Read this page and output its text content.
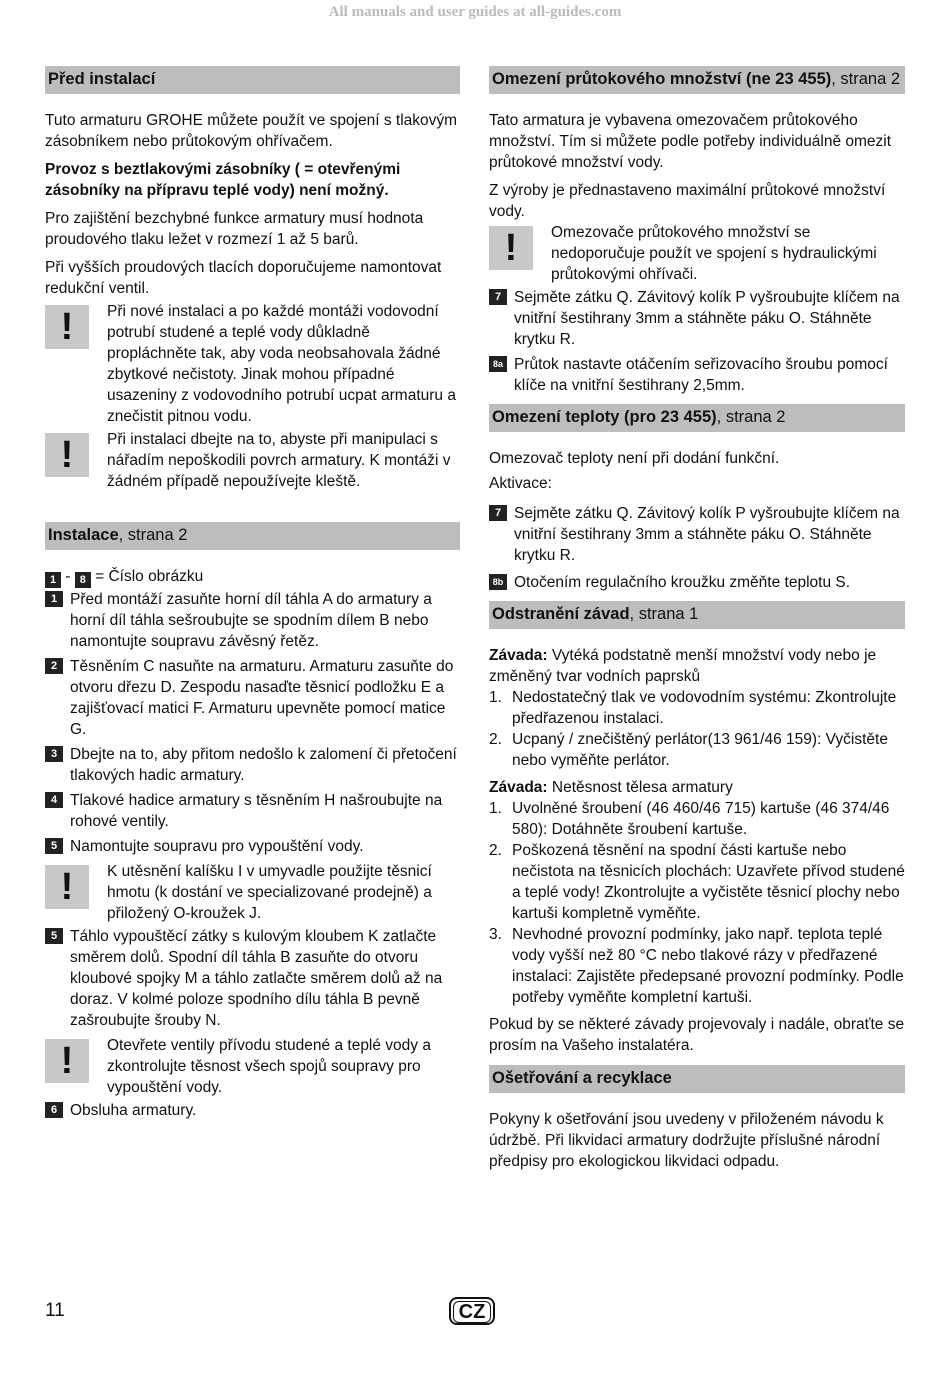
All manuals and user guides at all-guides.com
Před instalací

Tuto armaturu GROHE můžete použít ve spojení s tlakovým zásobníkem nebo průtokovým ohřívačem.

Provoz s beztlakovými zásobníky ( = otevřenými zásobníky na přípravu teplé vody) není možný.

Pro zajištění bezchybné funkce armatury musí hodnota proudového tlaku ležet v rozmezí 1 až 5 barů.

Při vyšších proudových tlacích doporučujeme namontovat redukční ventil.

!	Při nové instalaci a po každé montáži vodovodní potrubí studené a teplé vody důkladně propláchněte tak, aby voda neobsahovala žádné zbytkové nečistoty. Jinak mohou případné usazeniny z vodovodního potrubí ucpat armaturu a znečistit pitnou vodu.
!	Při instalaci dbejte na to, abyste při manipulaci s nářadím nepoškodili povrch armatury. K montáži v žádném případě nepoužívejte kleště.
Instalace, strana 2
1 - 8 = Číslo obrázku
1 Před montáží zasuňte horní díl táhla A do armatury a horní díl táhla sešroubujte se spodním dílem B nebo namontujte soupravu závěsný řetěz.
2 Těsněním C nasuňte na armaturu. Armaturu zasuňte do otvoru dřezu D. Zespodu nasaďte těsnicí podložku E a zajišťovací matici F. Armaturu upevněte pomocí matice G.
3 Dbejte na to, aby přitom nedošlo k zalomení či přetočení tlakových hadic armatury.
4 Tlakové hadice armatury s těsněním H našroubujte na rohové ventily.
5 Namontujte soupravu pro vypouštění vody.
!	K utěsnění kalíšku I v umyvadle použijte těsnicí hmotu (k dostání ve specializované prodejně) a přiložený O-kroužek J.
5 Táhlo vypouštěcí zátky s kulovým kloubem K zatlačte směrem dolů. Spodní díl táhla B zasuňte do otvoru kloubové spojky M a táhlo zatlačte směrem dolů až na doraz. V kolmé poloze spodního dílu táhla B pevně zašroubujte šrouby N.
!	Otevřete ventily přívodu studené a teplé vody a zkontrolujte těsnost všech spojů soupravy pro vypouštění vody.
6 Obsluha armatury.
Omezení průtokového množství (ne 23 455), strana 2

Tato armatura je vybavena omezovačem průtokového množství. Tím si můžete podle potřeby individuálně omezit průtokové množství vody.

Z výroby je přednastaveno maximální průtokové množství vody.

!	Omezovače průtokového množství se nedoporučuje použít ve spojení s hydraulickými průtokovými ohřívači.
7 Sejměte zátku Q. Závitový kolík P vyšroubujte klíčem na vnitřní šestihrany 3mm a stáhněte páku O. Stáhněte krytku R.
8a Průtok nastavte otáčením seřizovacího šroubu pomocí klíče na vnitřní šestihrany 2,5mm.
Omezení teploty (pro 23 455), strana 2

Omezovač teploty není při dodání funkční.

Aktivace:

7 Sejměte zátku Q. Závitový kolík P vyšroubujte klíčem na vnitřní šestihrany 3mm a stáhněte páku O. Stáhněte krytku R.
8b Otočením regulačního kroužku změňte teplotu S.
Odstranění závad, strana 1

Závada: Vytéká podstatně menší množství vody nebo je změněný tvar vodních paprsků

1. Nedostatečný tlak ve vodovodním systému: Zkontrolujte předřazenou instalaci.
2. Ucpaný / znečištěný perlátor(13 961/46 159): Vyčistěte nebo vyměňte perlátor.

Závada: Netěsnost tělesa armatury

1. Uvolněné šroubení (46 460/46 715) kartuše (46 374/46 580): Dotáhněte šroubení kartuše.
2. Poškozená těsnění na spodní části kartuše nebo nečistota na těsnicích plochách: Uzavřete přívod studené a teplé vody! Zkontrolujte a vyčistěte těsnicí plochy nebo kartuši kompletně vyměňte.
3. Nevhodné provozní podmínky, jako např. teplota teplé vody vyšší než 80 °C nebo tlakové rázy v předřazené instalaci: Zajistěte předepsané provozní podmínky. Podle potřeby vyměňte kompletní kartuši.

Pokud by se některé závady projevovaly i nadále, obraťte se prosím na Vašeho instalatéra.

Ošetřování a recyklace

Pokyny k ošetřování jsou uvedeny v přiloženém návodu k údržbě. Při likvidaci armatury dodržujte příslušné národní předpisy pro ekologickou likvidaci odpadu.

11	CZ
